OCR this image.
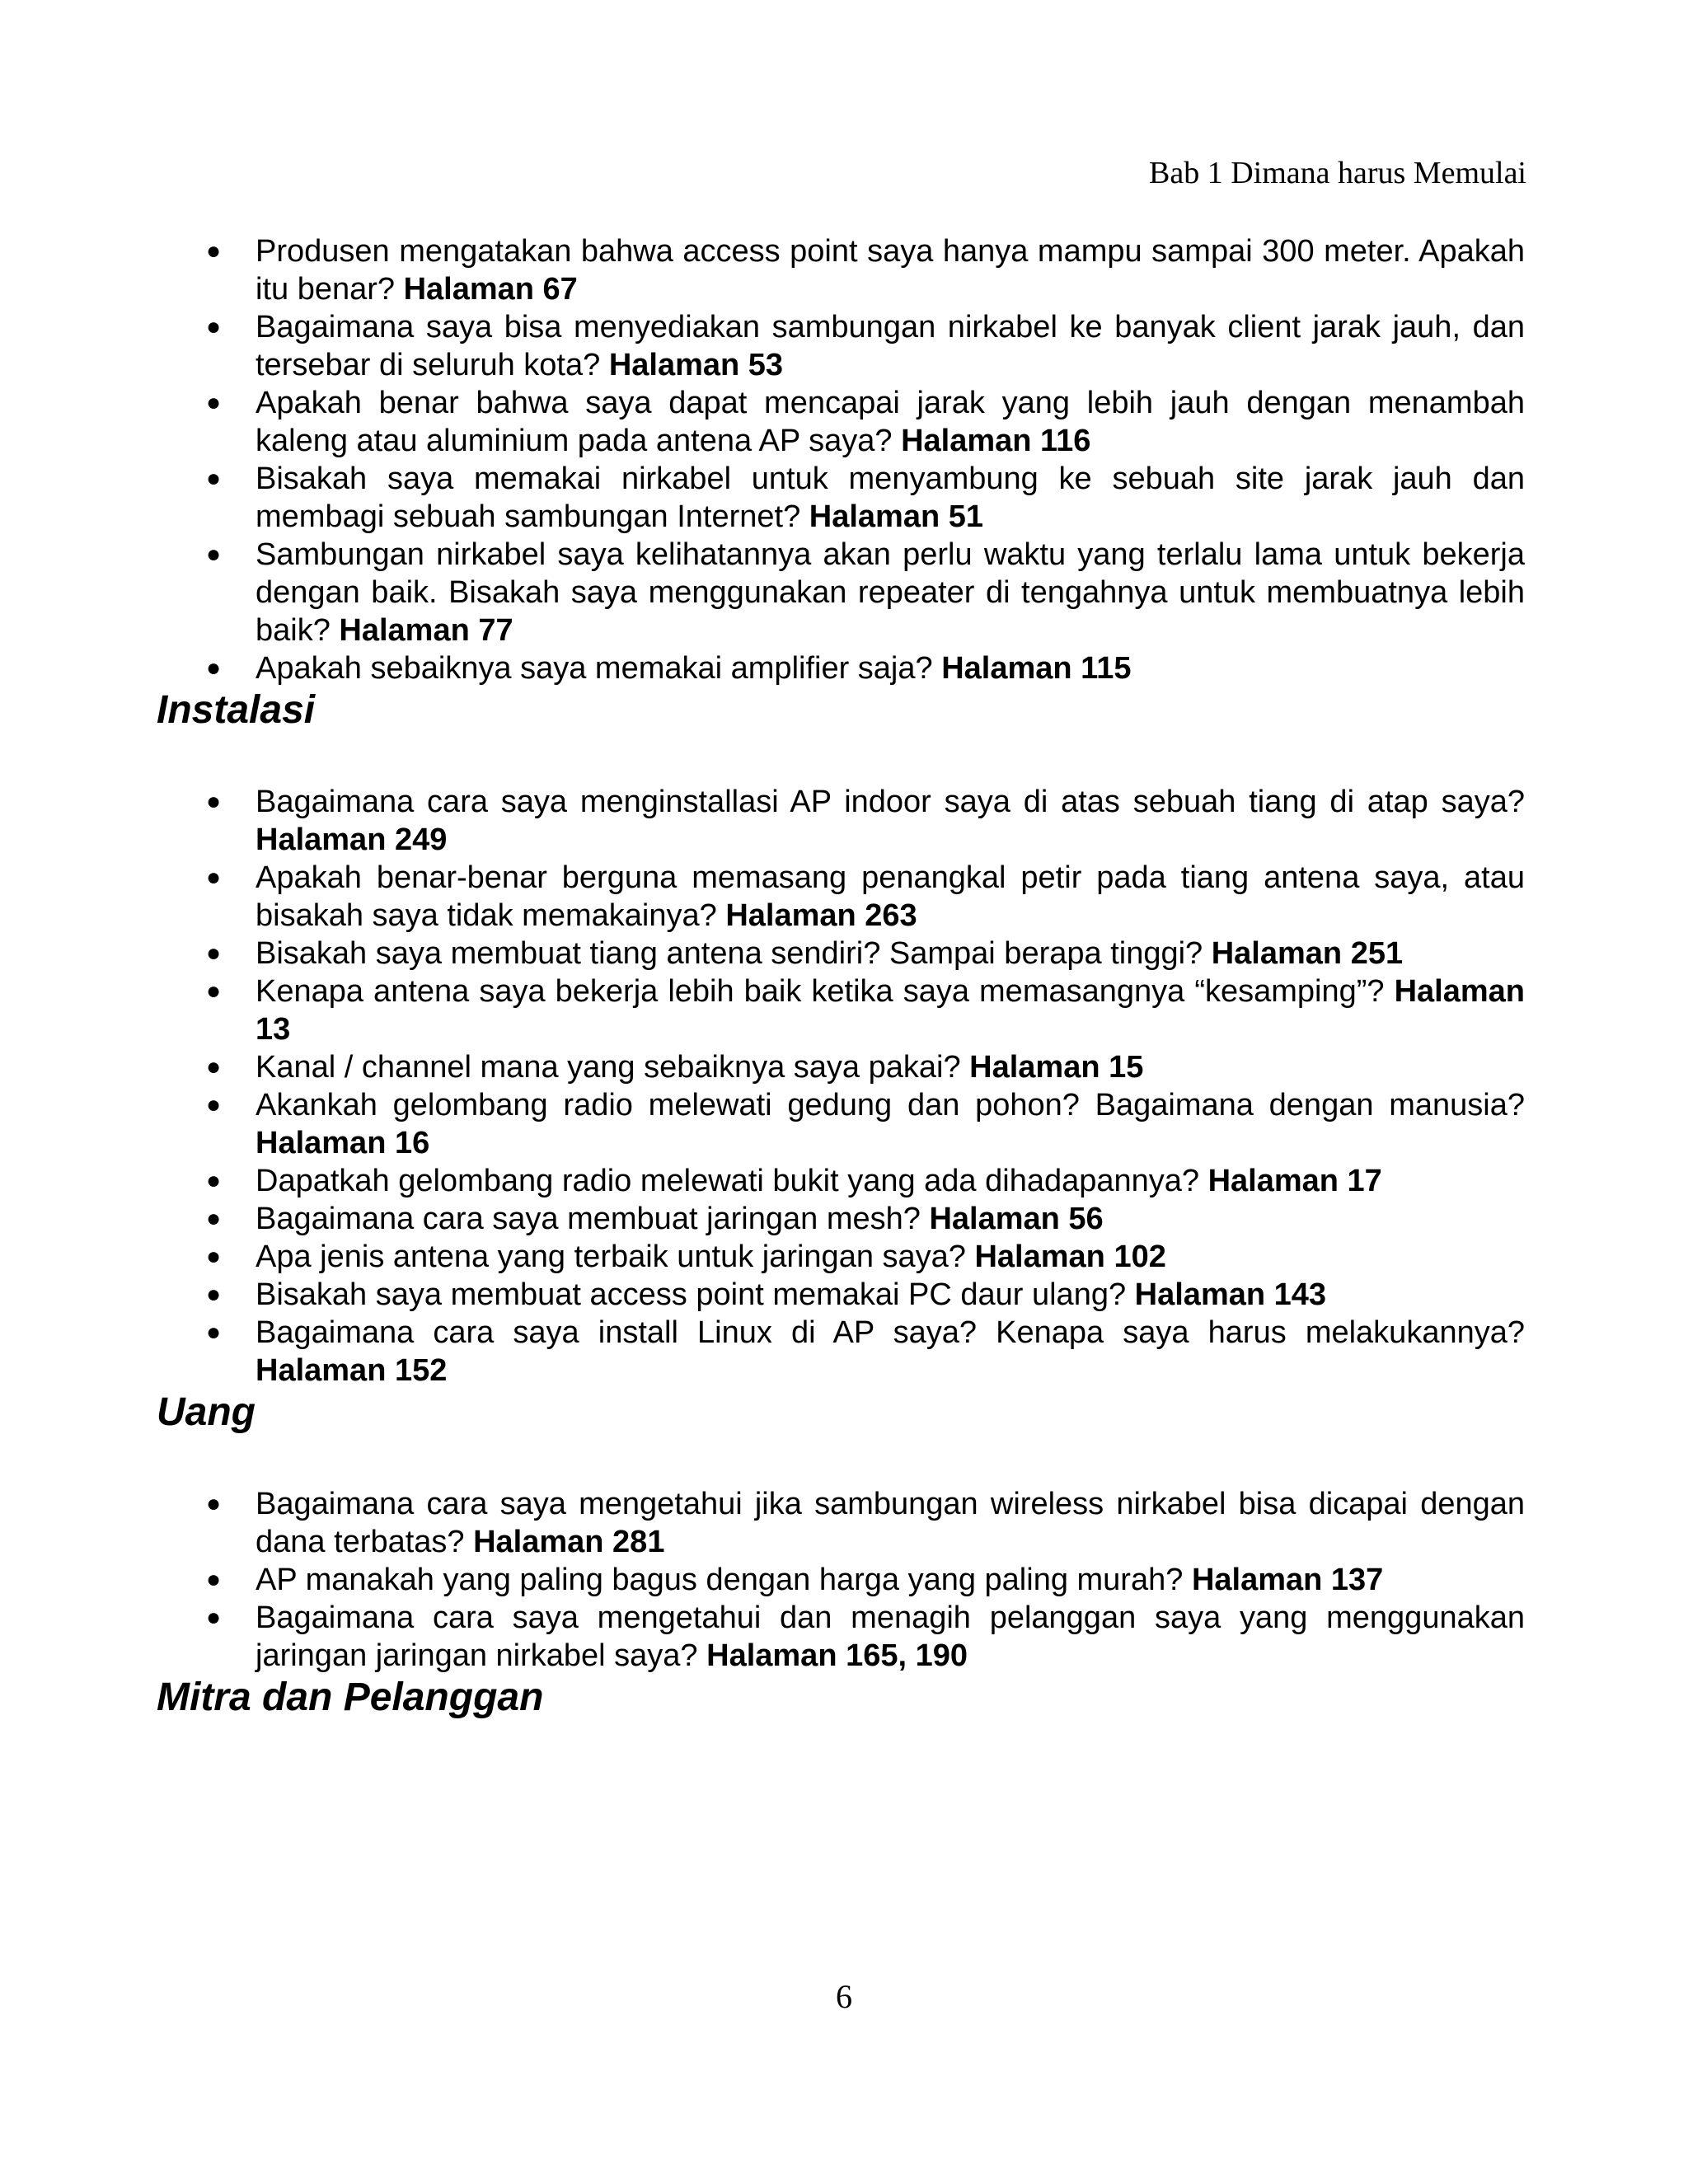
Bab 1 Dimana harus Memulai
● Produsen mengatakan bahwa access point saya hanya mampu sampai 300 meter. Apakah itu benar? Halaman 67
● Bagaimana saya bisa menyediakan sambungan nirkabel ke banyak client jarak jauh, dan tersebar di seluruh kota? Halaman 53
● Apakah benar bahwa saya dapat mencapai jarak yang lebih jauh dengan menambah kaleng atau aluminium pada antena AP saya? Halaman 116
● Bisakah saya memakai nirkabel untuk menyambung ke sebuah site jarak jauh dan membagi sebuah sambungan Internet? Halaman 51
● Sambungan nirkabel saya kelihatannya akan perlu waktu yang terlalu lama untuk bekerja dengan baik. Bisakah saya menggunakan repeater di tengahnya untuk membuatnya lebih baik? Halaman 77
● Apakah sebaiknya saya memakai amplifier saja? Halaman 115
Instalasi
● Bagaimana cara saya menginstallasi AP indoor saya di atas sebuah tiang di atap saya? Halaman 249
● Apakah benar-benar berguna memasang penangkal petir pada tiang antena saya, atau bisakah saya tidak memakainya? Halaman 263
● Bisakah saya membuat tiang antena sendiri? Sampai berapa tinggi? Halaman 251
● Kenapa antena saya bekerja lebih baik ketika saya memasangnya “kesamping”? Halaman 13
● Kanal / channel mana yang sebaiknya saya pakai? Halaman 15
● Akankah gelombang radio melewati gedung dan pohon? Bagaimana dengan manusia? Halaman 16
● Dapatkah gelombang radio melewati bukit yang ada dihadapannya? Halaman 17
● Bagaimana cara saya membuat jaringan mesh? Halaman 56
● Apa jenis antena yang terbaik untuk jaringan saya? Halaman 102
● Bisakah saya membuat access point memakai PC daur ulang? Halaman 143
● Bagaimana cara saya install Linux di AP saya? Kenapa saya harus melakukannya? Halaman 152
Uang
● Bagaimana cara saya mengetahui jika sambungan wireless nirkabel bisa dicapai dengan dana terbatas? Halaman 281
● AP manakah yang paling bagus dengan harga yang paling murah? Halaman 137
● Bagaimana cara saya mengetahui dan menagih pelanggan saya yang menggunakan jaringan jaringan nirkabel saya? Halaman 165, 190
Mitra dan Pelanggan
6
